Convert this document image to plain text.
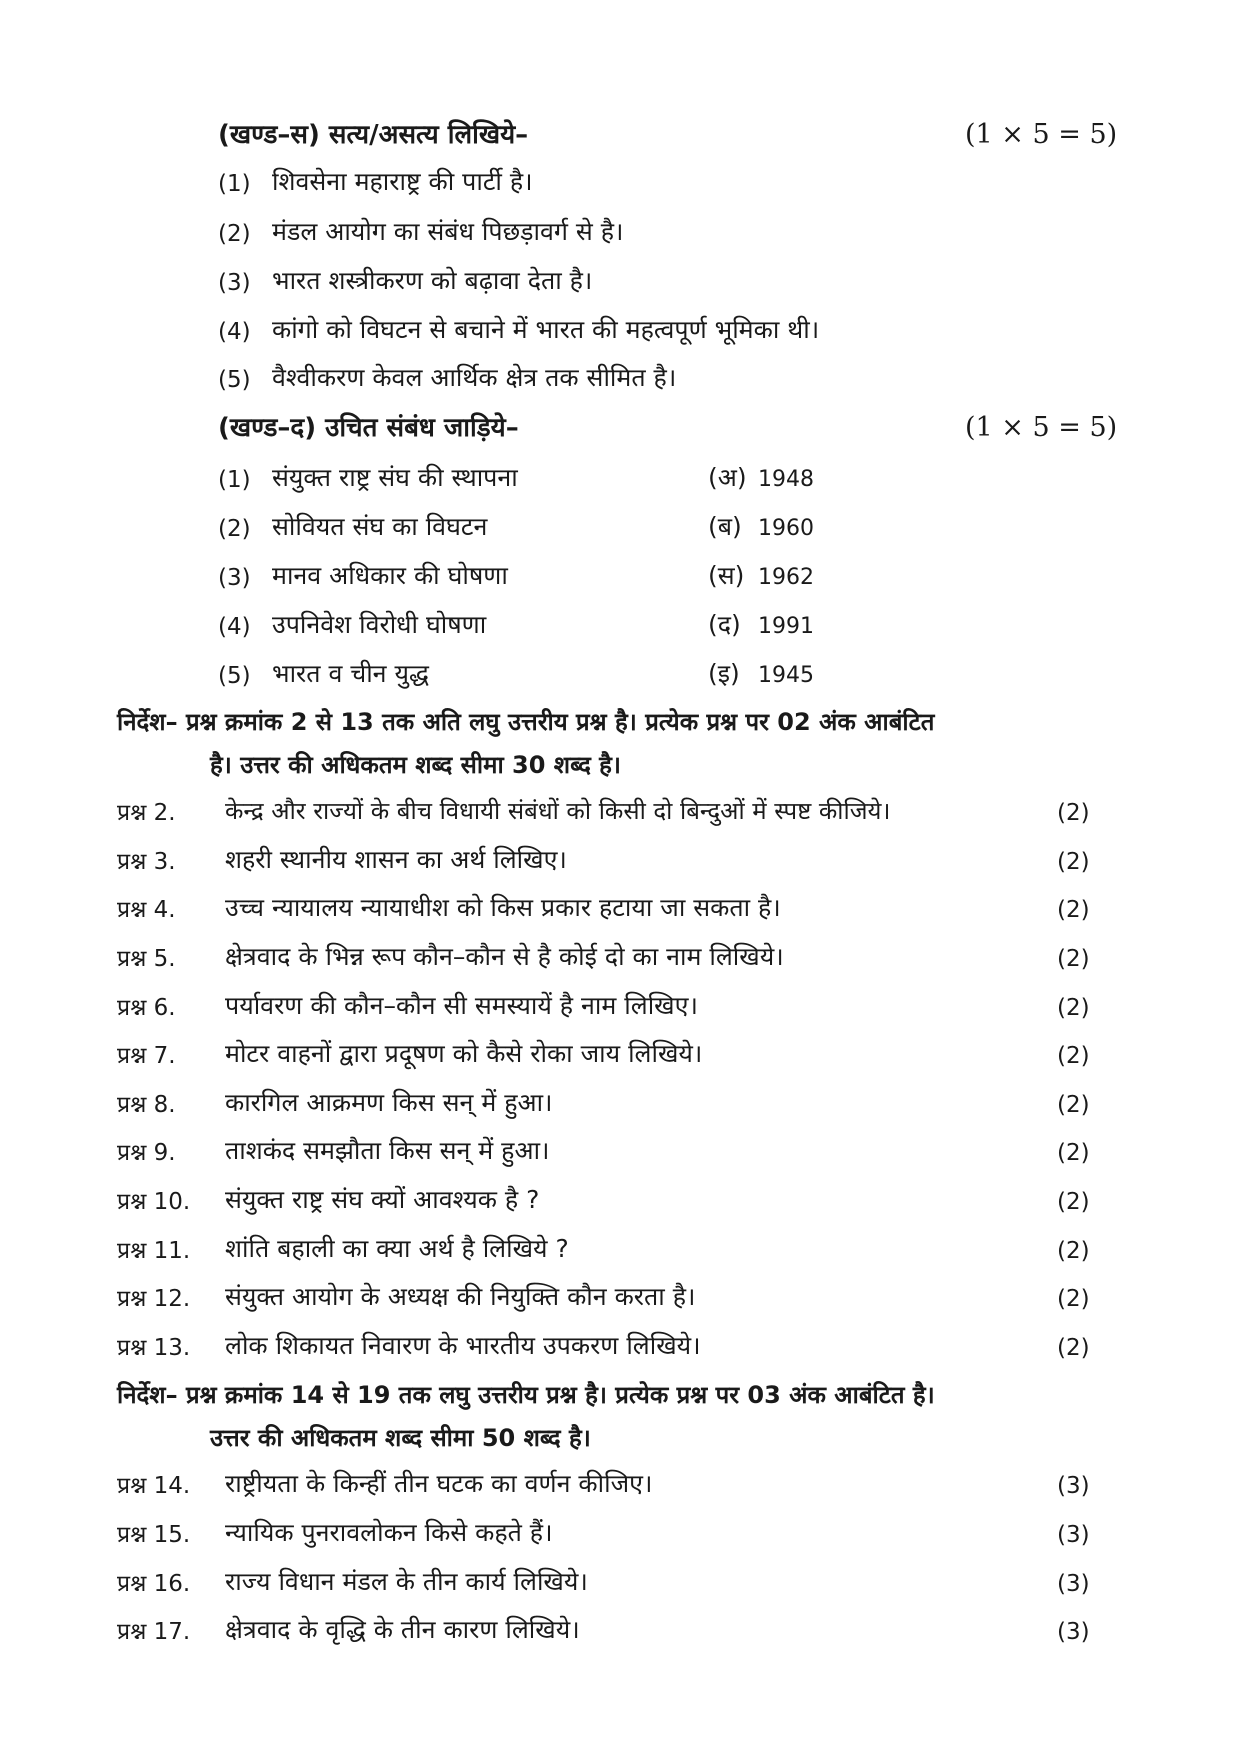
(खण्ड–स) सत्य/असत्य लिखिये–	(1 × 5 = 5)
(1) शिवसेना महाराष्ट्र की पार्टी है।
(2) मंडल आयोग का संबंध पिछड़ावर्ग से है।
(3) भारत शस्त्रीकरण को बढ़ावा देता है।
(4) कांगो को विघटन से बचाने में भारत की महत्वपूर्ण भूमिका थी।
(5) वैश्वीकरण केवल आर्थिक क्षेत्र तक सीमित है।
(खण्ड–द) उचित संबंध जाड़िये–	(1 × 5 = 5)
(1) संयुक्त राष्ट्र संघ की स्थापना	(अ) 1948
(2) सोवियत संघ का विघटन	(ब) 1960
(3) मानव अधिकार की घोषणा	(स) 1962
(4) उपनिवेश विरोधी घोषणा	(द) 1991
(5) भारत व चीन युद्ध	(इ) 1945
निर्देश– प्रश्न क्रमांक 2 से 13 तक अति लघु उत्तरीय प्रश्न है। प्रत्येक प्रश्न पर 02 अंक आबंटित
है। उत्तर की अधिकतम शब्द सीमा 30 शब्द है।
प्रश्न 2. केन्द्र और राज्यों के बीच विधायी संबंधों को किसी दो बिन्दुओं में स्पष्ट कीजिये।	(2)
प्रश्न 3. शहरी स्थानीय शासन का अर्थ लिखिए।	(2)
प्रश्न 4. उच्च न्यायालय न्यायाधीश को किस प्रकार हटाया जा सकता है।	(2)
प्रश्न 5. क्षेत्रवाद के भिन्न रूप कौन–कौन से है कोई दो का नाम लिखिये।	(2)
प्रश्न 6. पर्यावरण की कौन–कौन सी समस्यायें है नाम लिखिए।	(2)
प्रश्न 7. मोटर वाहनों द्वारा प्रदूषण को कैसे रोका जाय लिखिये।	(2)
प्रश्न 8. कारगिल आक्रमण किस सन् में हुआ।	(2)
प्रश्न 9. ताशकंद समझौता किस सन् में हुआ।	(2)
प्रश्न 10. संयुक्त राष्ट्र संघ क्यों आवश्यक है ?	(2)
प्रश्न 11. शांति बहाली का क्या अर्थ है लिखिये ?	(2)
प्रश्न 12. संयुक्त आयोग के अध्यक्ष की नियुक्ति कौन करता है।	(2)
प्रश्न 13. लोक शिकायत निवारण के भारतीय उपकरण लिखिये।	(2)
निर्देश– प्रश्न क्रमांक 14 से 19 तक लघु उत्तरीय प्रश्न है। प्रत्येक प्रश्न पर 03 अंक आबंटित है।
उत्तर की अधिकतम शब्द सीमा 50 शब्द है।
प्रश्न 14. राष्ट्रीयता के किन्हीं तीन घटक का वर्णन कीजिए।	(3)
प्रश्न 15. न्यायिक पुनरावलोकन किसे कहते हैं।	(3)
प्रश्न 16. राज्य विधान मंडल के तीन कार्य लिखिये।	(3)
प्रश्न 17. क्षेत्रवाद के वृद्धि के तीन कारण लिखिये।	(3)
